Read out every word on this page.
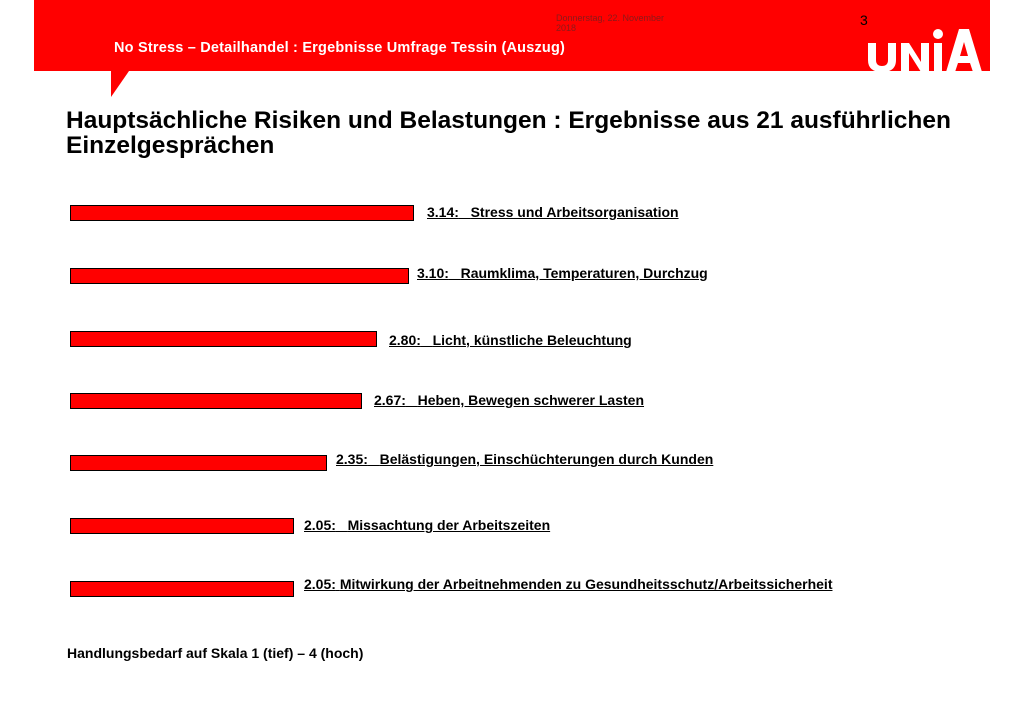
No Stress – Detailhandel : Ergebnisse Umfrage Tessin (Auszug)
Donnerstag, 22. November 2018	3
Hauptsächliche Risiken und Belastungen : Ergebnisse aus 21 ausführlichen Einzelgesprächen
3.14: Stress und Arbeitsorganisation
3.10: Raumklima, Temperaturen, Durchzug
2.80: Licht, künstliche Beleuchtung
2.67: Heben, Bewegen schwerer Lasten
2.35: Belästigungen, Einschüchterungen durch Kunden
2.05: Missachtung der Arbeitszeiten
2.05: Mitwirkung der Arbeitnehmenden zu Gesundheitsschutz/Arbeitssicherheit
Handlungsbedarf auf Skala 1 (tief) – 4 (hoch)
